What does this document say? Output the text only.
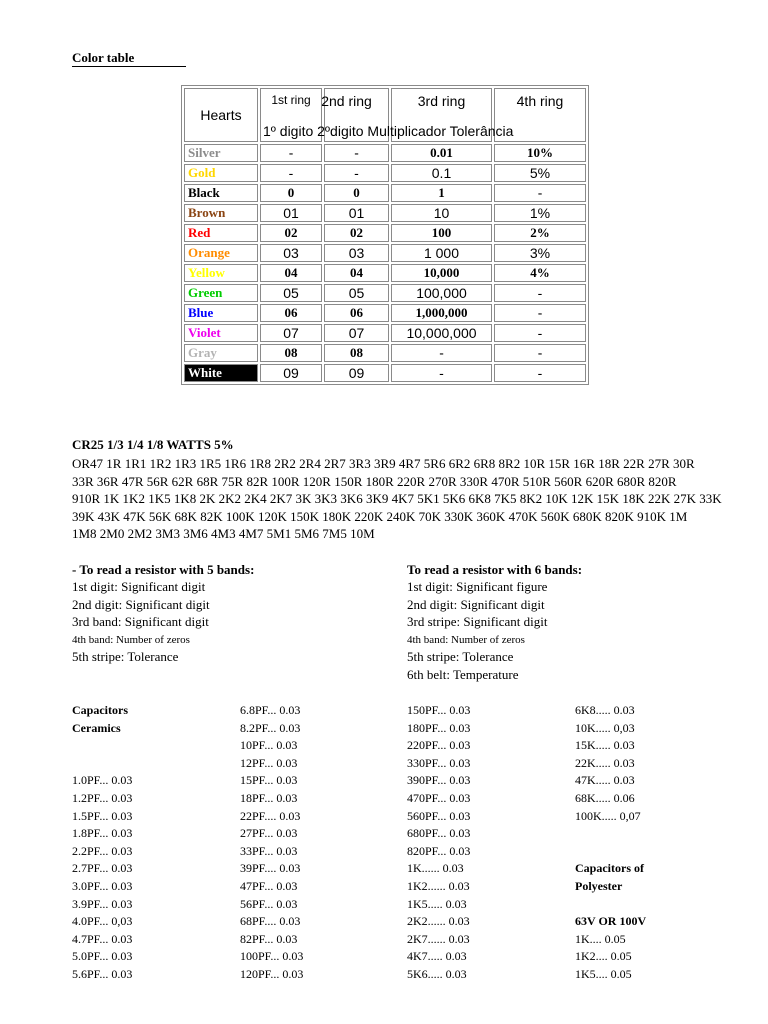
Color table
Hearts	1st ring	2nd ring	3rd ring	4th ring

Silver	-	-	0.01	10%
Gold	-	-	0.1	5%
Black	0	0	1	-
Brown	01	01	10	1%
Red	02	02	100	2%
Orange	03	03	1 000	3%
Yellow	04	04	10,000	4%
Green	05	05	100,000	-
Blue	06	06	1,000,000	-
Violet	07	07	10,000,000	-
Gray	08	08	-	-
White	09	09	-	-
1º digito 2ºdigito Multiplicador Tolerância
CR25 1/3 1/4 1/8 WATTS 5%
OR47 1R 1R1 1R2 1R3 1R5 1R6 1R8 2R2 2R4 2R7 3R3 3R9 4R7 5R6 6R2 6R8 8R2 10R 15R 16R 18R 22R 27R 30R
33R 36R 47R 56R 62R 68R 75R 82R 100R 120R 150R 180R 220R 270R 330R 470R 510R 560R 620R 680R 820R
910R 1K 1K2 1K5 1K8 2K 2K2 2K4 2K7 3K 3K3 3K6 3K9 4K7 5K1 5K6 6K8 7K5 8K2 10K 12K 15K 18K 22K 27K 33K
39K 43K 47K 56K 68K 82K 100K 120K 150K 180K 220K 240K 70K 330K 360K 470K 560K 680K 820K 910K 1M
1M8 2M0 2M2 3M3 3M6 4M3 4M7 5M1 5M6 7M5 10M
- To read a resistor with 5 bands:
1st digit: Significant digit
2nd digit: Significant digit
3rd band: Significant digit
4th band: Number of zeros
5th stripe: Tolerance
To read a resistor with 6 bands:
1st digit: Significant figure
2nd digit: Significant digit
3rd stripe: Significant digit
4th band: Number of zeros
5th stripe: Tolerance
6th belt: Temperature
Capacitors
Ceramics
1.0PF... 0.03
1.2PF... 0.03
1.5PF... 0.03
1.8PF... 0.03
2.2PF... 0.03
2.7PF... 0.03
3.0PF... 0.03
3.9PF... 0.03
4.0PF... 0,03
4.7PF... 0.03
5.0PF... 0.03
5.6PF... 0.03
6.8PF... 0.03
8.2PF... 0.03
10PF... 0.03
12PF... 0.03
15PF... 0.03
18PF... 0.03
22PF.... 0.03
27PF... 0.03
33PF... 0.03
39PF.... 0.03
47PF... 0.03
56PF... 0.03
68PF.... 0.03
82PF... 0.03
100PF... 0.03
120PF... 0.03
150PF... 0.03
180PF... 0.03
220PF... 0.03
330PF... 0.03
390PF... 0.03
470PF... 0.03
560PF... 0.03
680PF... 0.03
820PF... 0.03
1K...... 0.03
1K2...... 0.03
1K5..... 0.03
2K2...... 0.03
2K7...... 0.03
4K7..... 0.03
5K6..... 0.03
6K8..... 0.03
10K..... 0,03
15K..... 0.03
22K..... 0.03
47K..... 0.03
68K..... 0.06
100K..... 0,07
Capacitors of
Polyester
63V OR 100V
1K.... 0.05
1K2.... 0.05
1K5.... 0.05
